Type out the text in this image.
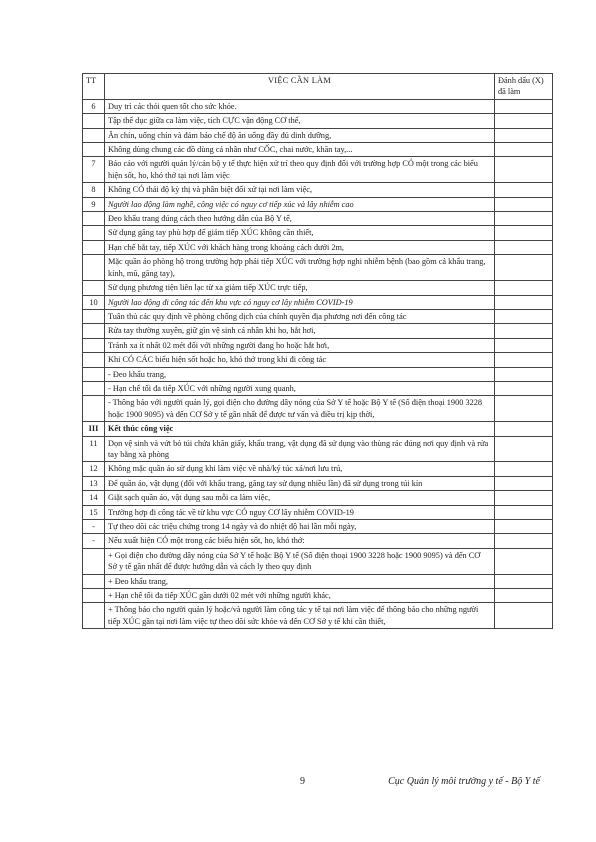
TT	VIỆC CẦN LÀM	Đánh dấu (X) đã làm
6	Duy trì các thói quen tốt cho sức khỏe.	
	Tập thể dục giữa ca làm việc, tích CỰC vận động CƠ thể,	
	Ăn chín, uống chín và đảm bảo chế độ ăn uống đầy đủ dinh dưỡng,	
	Không dùng chung các đồ dùng cá nhân như CỐC, chai nước, khăn tay,...	
7	Báo cáo với người quản lý/cán bộ y tế thực hiện xử trí theo quy định đối với trường hợp CÓ một trong các biểu hiện sốt, ho, khó thở tại nơi làm việc	
8	Không CÓ thái độ kỳ thị và phân biệt đối xử tại nơi làm việc,	
9	Người lao động làm nghề, công việc có nguy cơ tiếp xúc và lây nhiễm cao	
	Đeo khẩu trang đúng cách theo hướng dẫn của Bộ Y tế,	
	Sử dụng găng tay phù hợp để giảm tiếp XÚC không cần thiết,	
	Hạn chế bắt tay, tiếp XÚC với khách hàng trong khoảng cách dưới 2m,	
	Mặc quần áo phòng hộ trong trường hợp phải tiếp XÚC với trường hợp nghi nhiễm bệnh (bao gồm cả khẩu trang, kính, mũ, găng tay),	
	Sử dụng phương tiện liên lạc từ xa giảm tiếp XÚC trực tiếp,	
10	Người lao động đi công tác đến khu vực có nguy cơ lây nhiễm COVID-19	
	Tuân thủ các quy định về phòng chống dịch của chính quyền địa phương nơi đến công tác	
	Rửa tay thường xuyên, giữ gìn vệ sinh cá nhân khi ho, hắt hơi,	
	Tránh xa ít nhất 02 mét đối với những người đang ho hoặc hắt hơi,	
	Khi CÓ CÁC biểu hiện sốt hoặc ho, khó thở trong khi đi công tác	
	- Đeo khẩu trang,	
	- Hạn chế tối đa tiếp XÚC với những người xung quanh,	
	- Thông báo với người quản lý, gọi điện cho đường dây nóng của Sở Y tế hoặc Bộ Y tế (Số điện thoại 1900 3228 hoặc 1900 9095) và đến CƠ Sở y tế gần nhất để được tư vấn và điều trị kịp thời,	
III	Kết thúc công việc	
11	Dọn vệ sinh và vứt bỏ túi chứa khăn giấy, khẩu trang, vật dụng đã sử dụng vào thùng rác đúng nơi quy định và rửa tay bằng xà phòng	
12	Không mặc quần áo sử dụng khi làm việc về nhà/ký túc xá/nơi lưu trú,	
13	Để quần áo, vật dụng (đối với khẩu trang, găng tay sử dụng nhiều lần) đã sử dụng trong túi kín	
14	Giặt sạch quần áo, vật dụng sau mỗi ca làm việc,	
15	Trường hợp đi công tác về từ khu vực CÓ nguy CƠ lây nhiễm COVID-19	
-	Tự theo dõi các triệu chứng trong 14 ngày và đo nhiệt độ hai lần mỗi ngày,	
-	Nếu xuất hiện CÓ một trong các biểu hiện sốt, ho, khó thở:	
	+ Gọi điện cho đường dây nóng của Sở Y tế hoặc Bộ Y tế (Số điện thoại 1900 3228 hoặc 1900 9095) và đến CƠ Sở y tế gần nhất để được hướng dẫn và cách ly theo quy định	
	+ Đeo khẩu trang,	
	+ Hạn chế tối đa tiếp XÚC gần dưới 02 mét với những người khác,	
	+ Thông báo cho người quản lý hoặc/và người làm công tác y tế tại nơi làm việc để thông báo cho những người tiếp XÚC gần tại nơi làm việc tự theo dõi sức khỏe và đến CƠ Sở y tế khi cần thiết,	
9	Cục Quản lý môi trường y tế - Bộ Y tế
